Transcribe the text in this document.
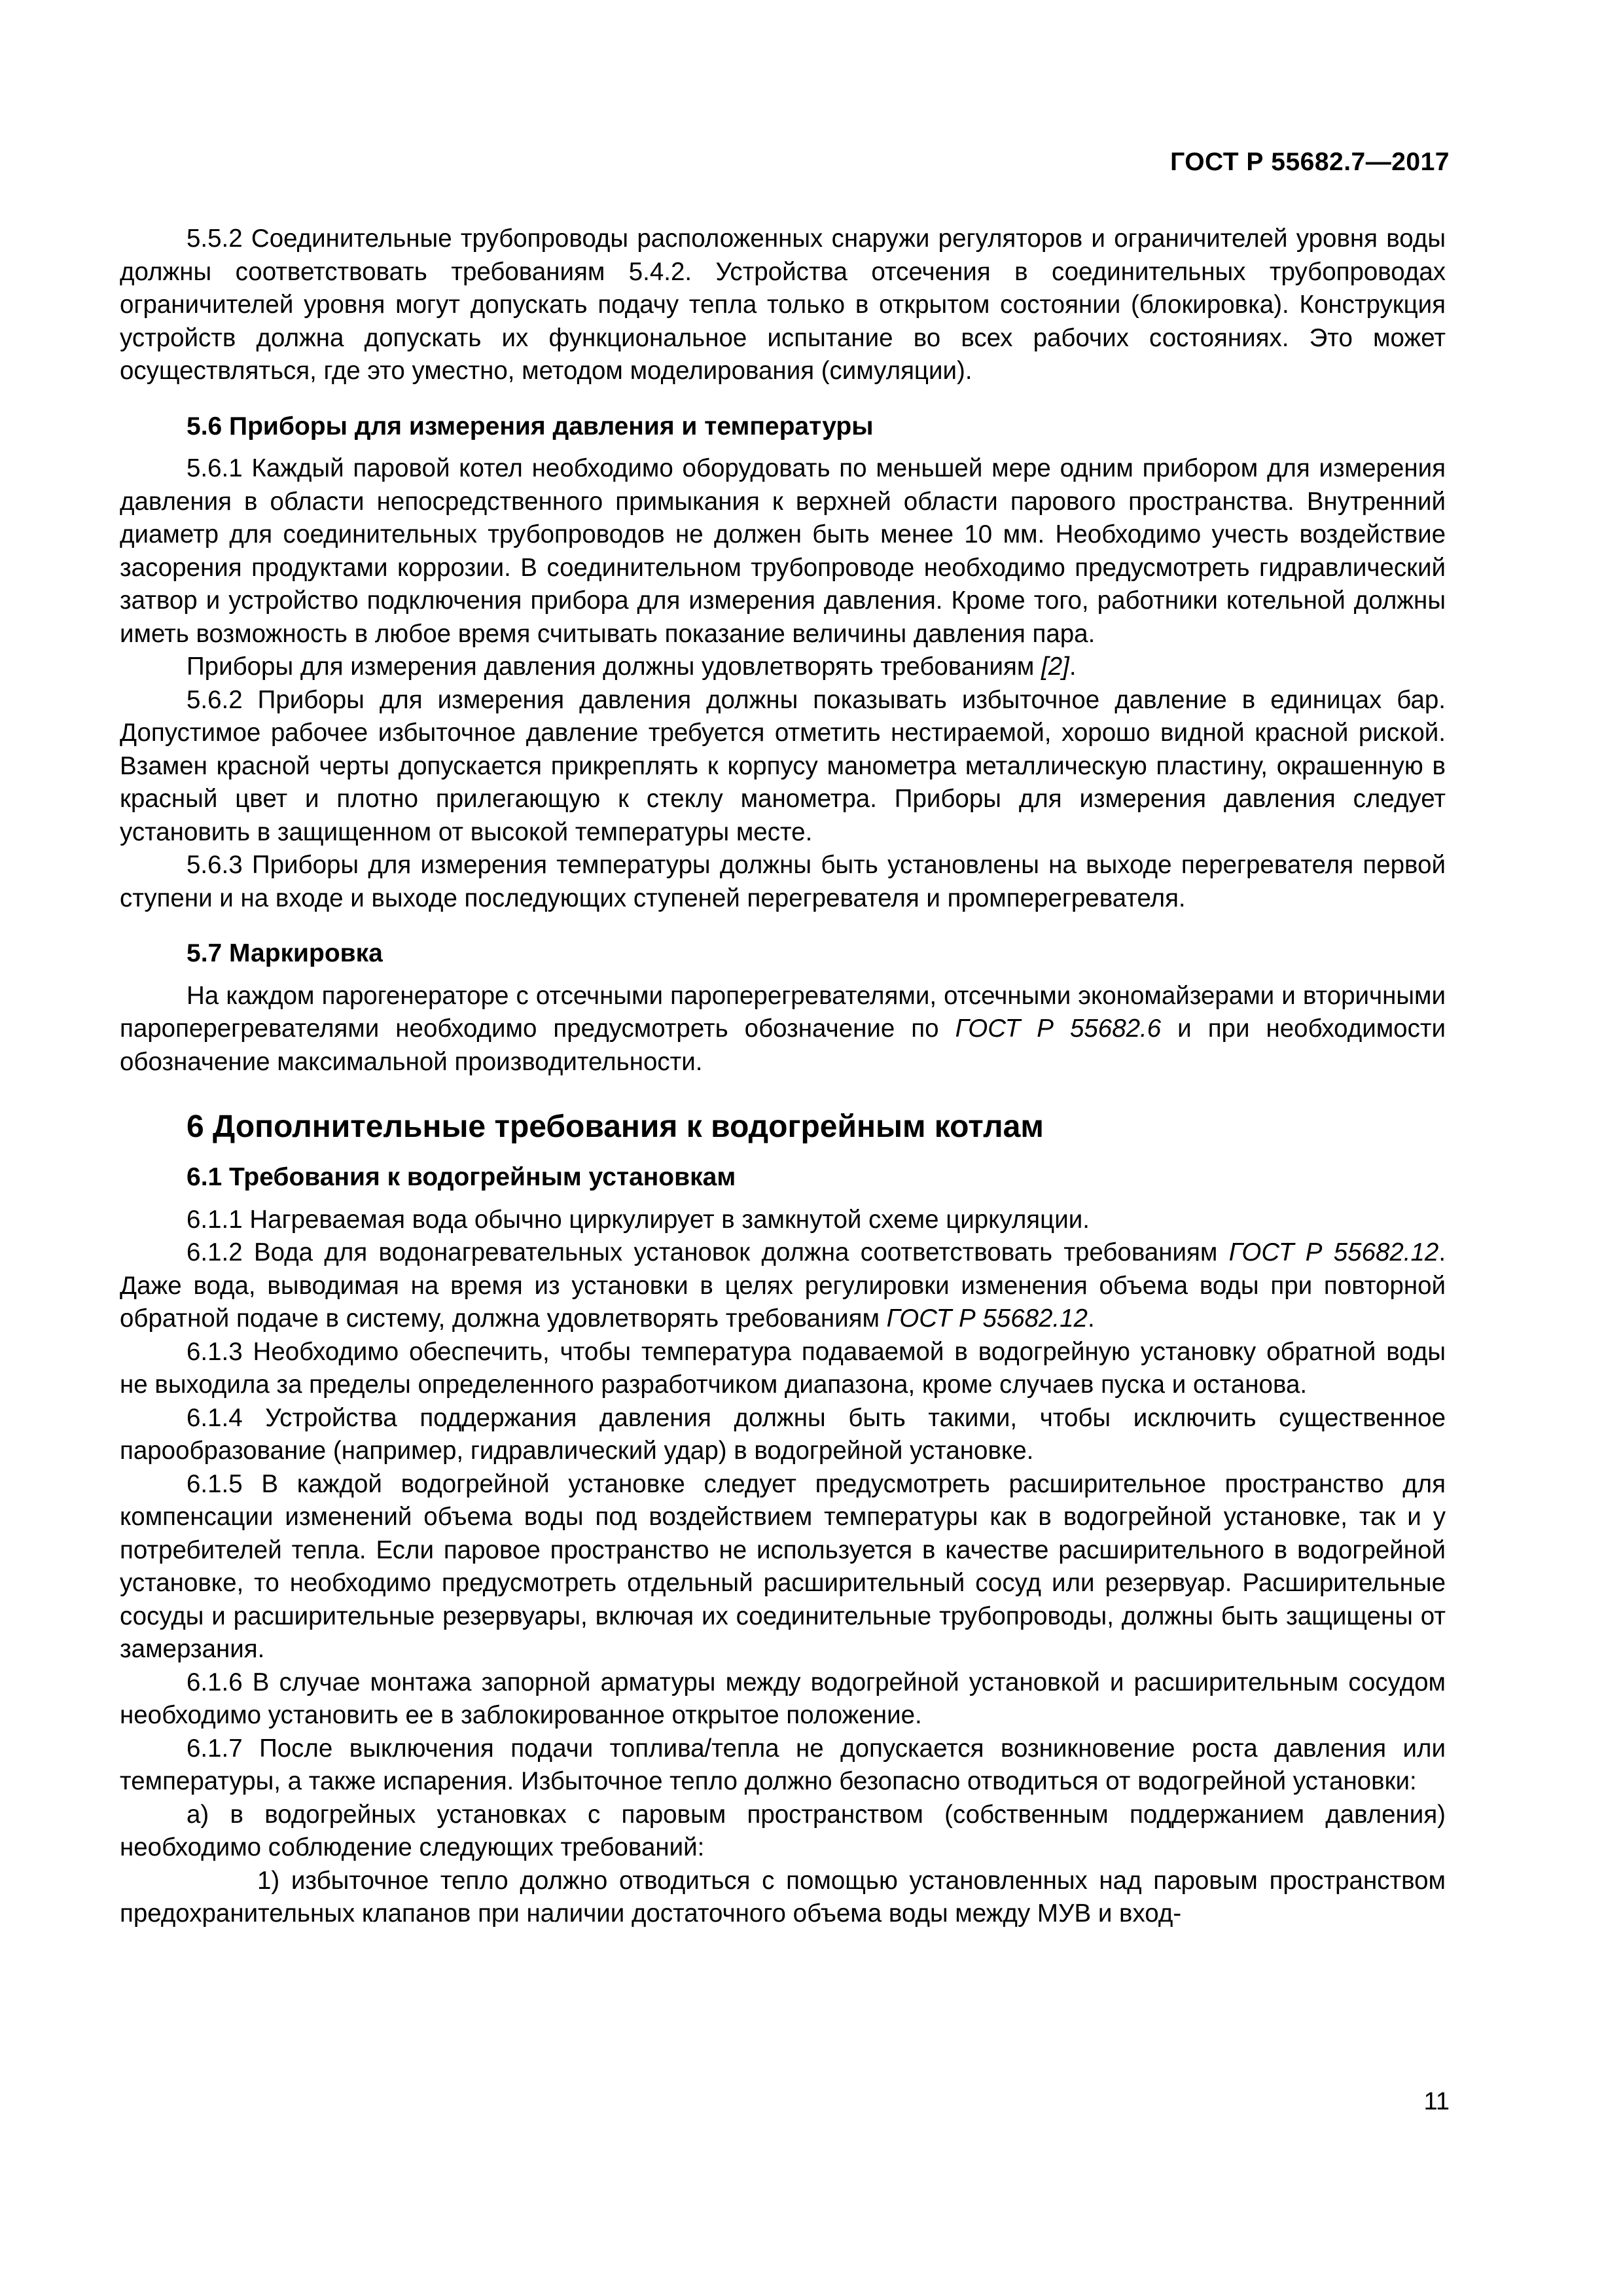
ГОСТ Р 55682.7—2017

5.5.2 Соединительные трубопроводы расположенных снаружи регуляторов и ограничителей уровня воды должны соответствовать требованиям 5.4.2. Устройства отсечения в соединительных трубопроводах ограничителей уровня могут допускать подачу тепла только в открытом состоянии (блокировка). Конструкция устройств должна допускать их функциональное испытание во всех рабочих состояниях. Это может осуществляться, где это уместно, методом моделирования (симуляции).

5.6 Приборы для измерения давления и температуры

5.6.1 Каждый паровой котел необходимо оборудовать по меньшей мере одним прибором для измерения давления в области непосредственного примыкания к верхней области парового пространства. Внутренний диаметр для соединительных трубопроводов не должен быть менее 10 мм. Необходимо учесть воздействие засорения продуктами коррозии. В соединительном трубопроводе необходимо предусмотреть гидравлический затвор и устройство подключения прибора для измерения давления. Кроме того, работники котельной должны иметь возможность в любое время считывать показание величины давления пара.

Приборы для измерения давления должны удовлетворять требованиям [2].

5.6.2 Приборы для измерения давления должны показывать избыточное давление в единицах бар. Допустимое рабочее избыточное давление требуется отметить нестираемой, хорошо видной красной риской. Взамен красной черты допускается прикреплять к корпусу манометра металлическую пластину, окрашенную в красный цвет и плотно прилегающую к стеклу манометра. Приборы для измерения давления следует установить в защищенном от высокой температуры месте.

5.6.3 Приборы для измерения температуры должны быть установлены на выходе перегревателя первой ступени и на входе и выходе последующих ступеней перегревателя и промперегревателя.

5.7 Маркировка

На каждом парогенераторе с отсечными пароперегревателями, отсечными экономайзерами и вторичными пароперегревателями необходимо предусмотреть обозначение по ГОСТ Р 55682.6 и при необходимости обозначение максимальной производительности.

6 Дополнительные требования к водогрейным котлам

6.1 Требования к водогрейным установкам

6.1.1 Нагреваемая вода обычно циркулирует в замкнутой схеме циркуляции.

6.1.2 Вода для водонагревательных установок должна соответствовать требованиям ГОСТ Р 55682.12. Даже вода, выводимая на время из установки в целях регулировки изменения объема воды при повторной обратной подаче в систему, должна удовлетворять требованиям ГОСТ Р 55682.12.

6.1.3 Необходимо обеспечить, чтобы температура подаваемой в водогрейную установку обратной воды не выходила за пределы определенного разработчиком диапазона, кроме случаев пуска и останова.

6.1.4 Устройства поддержания давления должны быть такими, чтобы исключить существенное парообразование (например, гидравлический удар) в водогрейной установке.

6.1.5 В каждой водогрейной установке следует предусмотреть расширительное пространство для компенсации изменений объема воды под воздействием температуры как в водогрейной установке, так и у потребителей тепла. Если паровое пространство не используется в качестве расширительного в водогрейной установке, то необходимо предусмотреть отдельный расширительный сосуд или резервуар. Расширительные сосуды и расширительные резервуары, включая их соединительные трубопроводы, должны быть защищены от замерзания.

6.1.6 В случае монтажа запорной арматуры между водогрейной установкой и расширительным сосудом необходимо установить ее в заблокированное открытое положение.

6.1.7 После выключения подачи топлива/тепла не допускается возникновение роста давления или температуры, а также испарения. Избыточное тепло должно безопасно отводиться от водогрейной установки:

а) в водогрейных установках с паровым пространством (собственным поддержанием давления) необходимо соблюдение следующих требований:

1) избыточное тепло должно отводиться с помощью установленных над паровым пространством предохранительных клапанов при наличии достаточного объема воды между МУВ и вход-

11
